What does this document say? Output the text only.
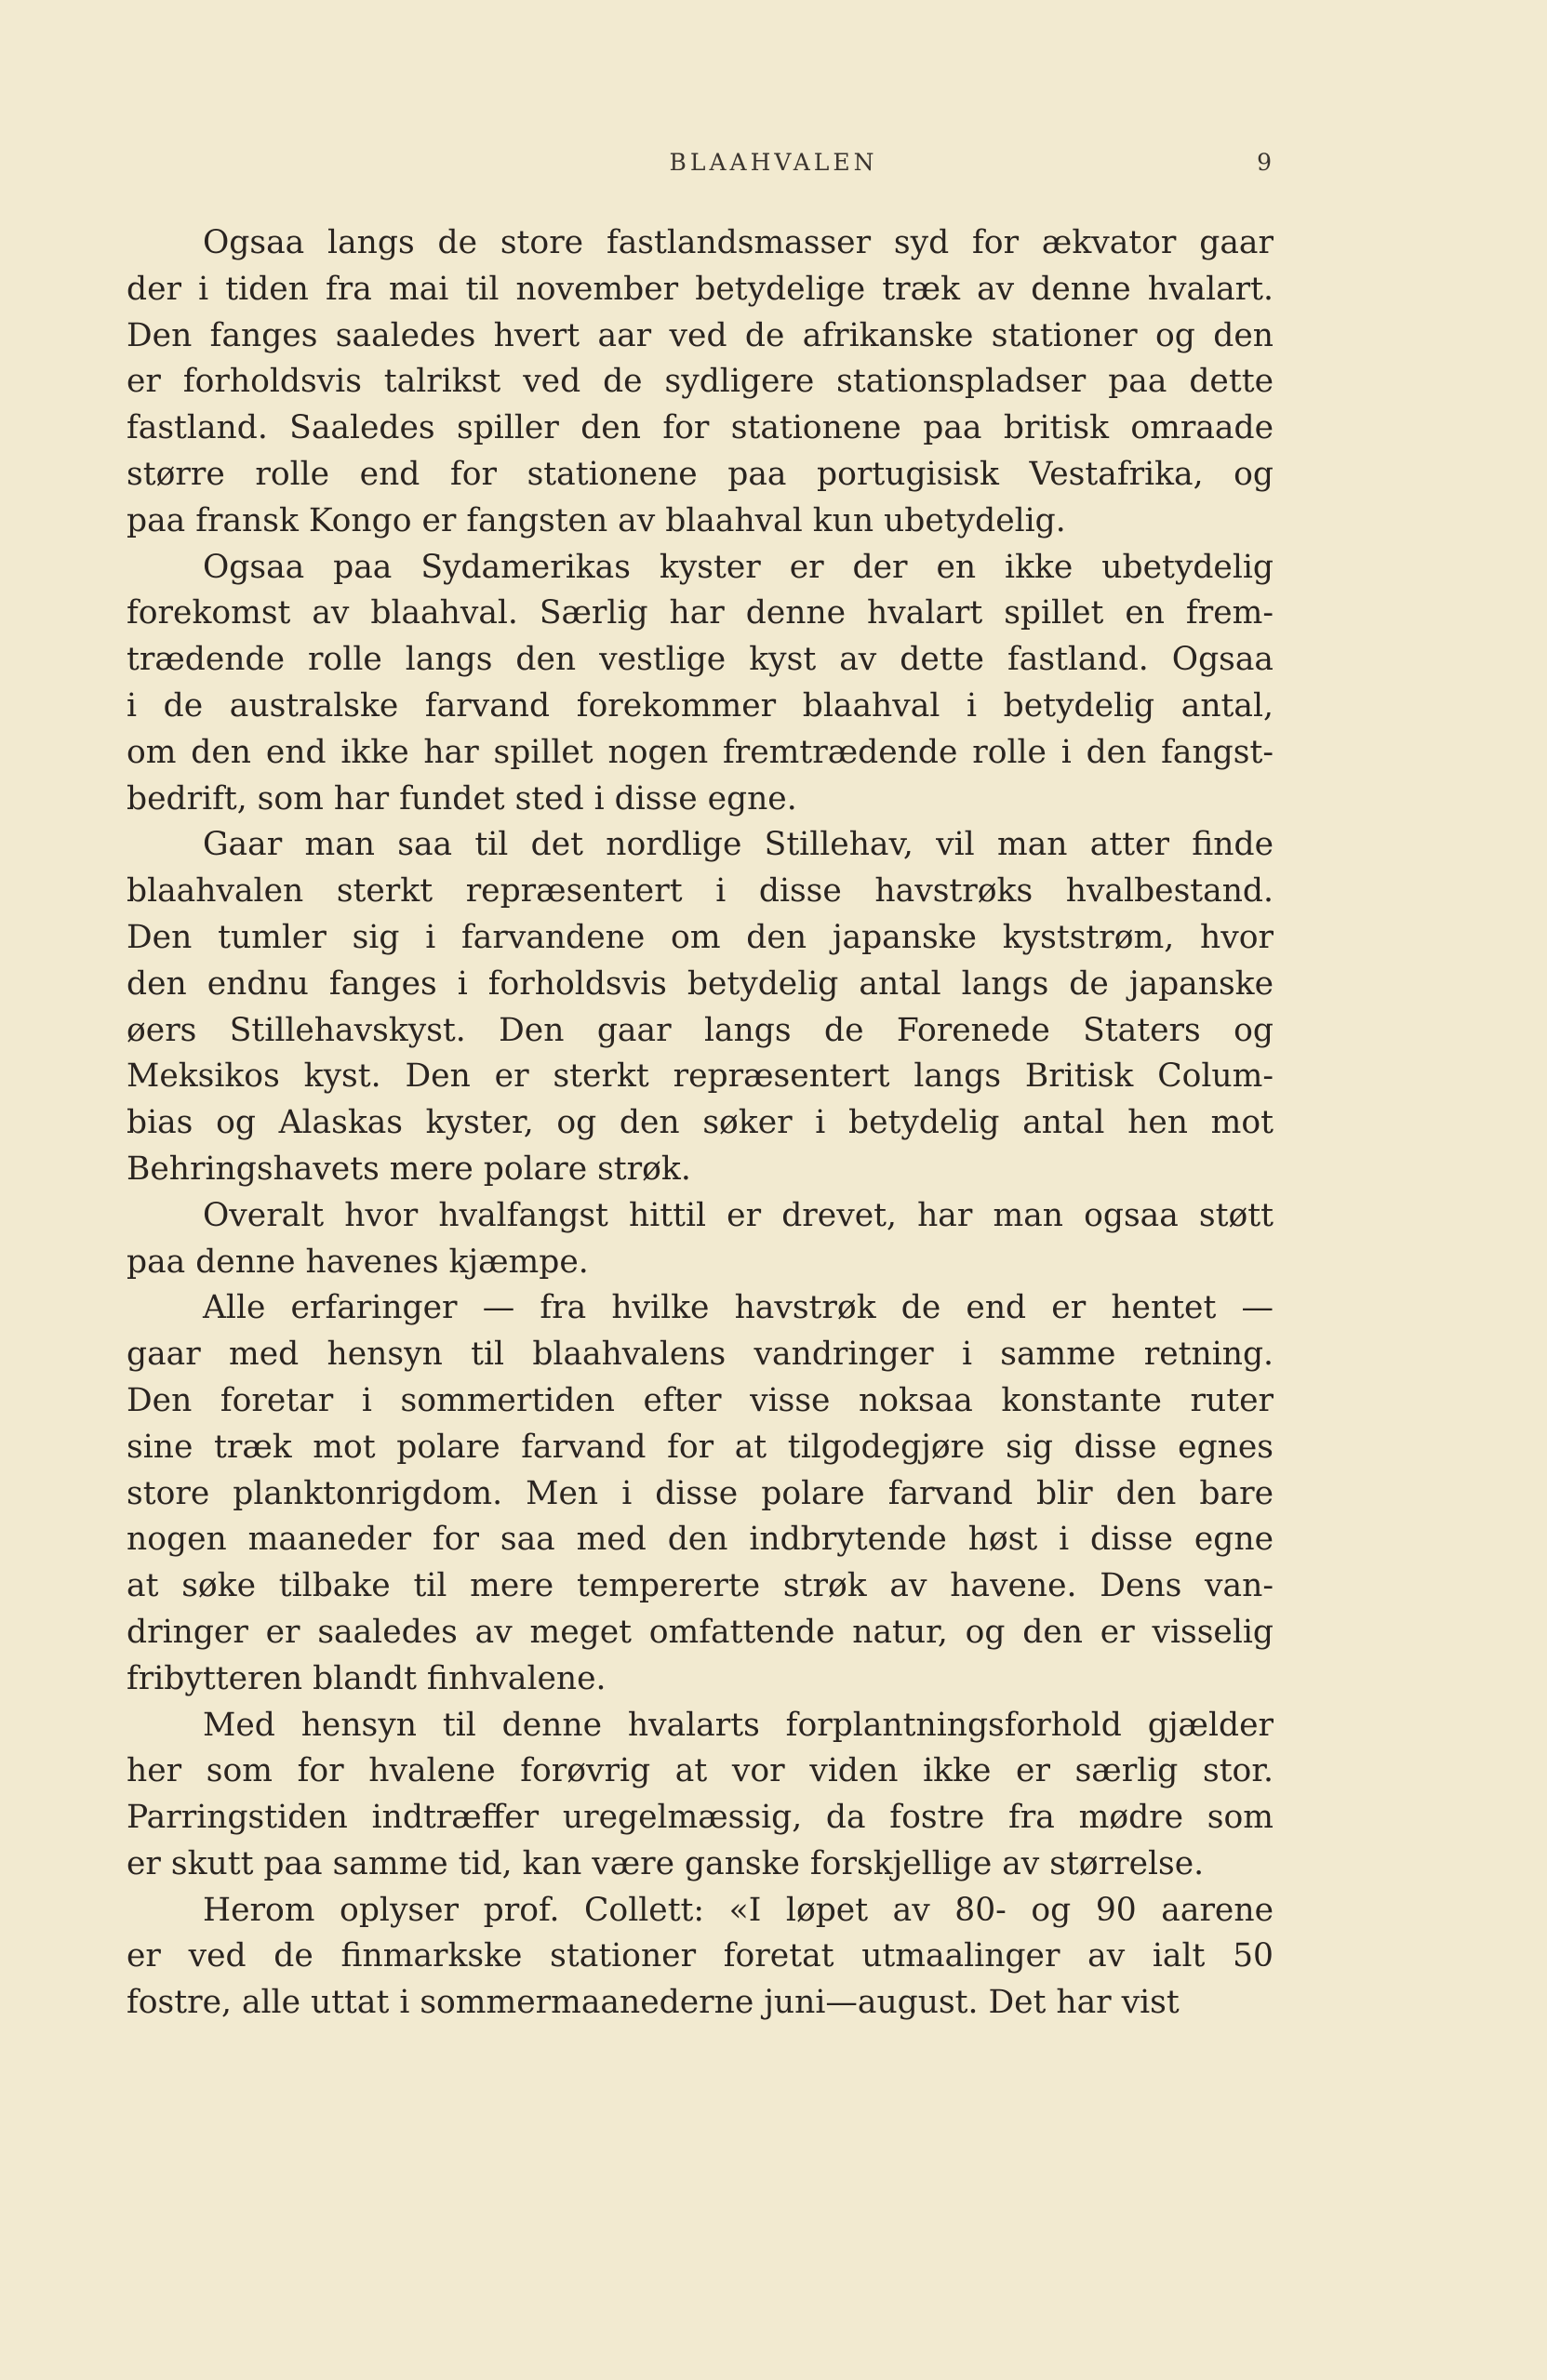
BLAAHVALEN	9
Ogsaa langs de store fastlandsmasser syd for ækvator gaar
der i tiden fra mai til november betydelige træk av denne hvalart.
Den fanges saaledes hvert aar ved de afrikanske stationer og den
er forholdsvis talrikst ved de sydligere stationspladser paa dette
fastland. Saaledes spiller den for stationene paa britisk omraade
større rolle end for stationene paa portugisisk Vestafrika, og
paa fransk Kongo er fangsten av blaahval kun ubetydelig.
Ogsaa paa Sydamerikas kyster er der en ikke ubetydelig
forekomst av blaahval. Særlig har denne hvalart spillet en frem-
trædende rolle langs den vestlige kyst av dette fastland. Ogsaa
i de australske farvand forekommer blaahval i betydelig antal,
om den end ikke har spillet nogen fremtrædende rolle i den fangst-
bedrift, som har fundet sted i disse egne.
Gaar man saa til det nordlige Stillehav, vil man atter finde
blaahvalen sterkt repræsentert i disse havstrøks hvalbestand.
Den tumler sig i farvandene om den japanske kyststrøm, hvor
den endnu fanges i forholdsvis betydelig antal langs de japanske
øers Stillehavskyst. Den gaar langs de Forenede Staters og
Meksikos kyst. Den er sterkt repræsentert langs Britisk Colum-
bias og Alaskas kyster, og den søker i betydelig antal hen mot
Behringshavets mere polare strøk.
Overalt hvor hvalfangst hittil er drevet, har man ogsaa støtt
paa denne havenes kjæmpe.
Alle erfaringer — fra hvilke havstrøk de end er hentet —
gaar med hensyn til blaahvalens vandringer i samme retning.
Den foretar i sommertiden efter visse noksaa konstante ruter
sine træk mot polare farvand for at tilgodegjøre sig disse egnes
store planktonrigdom. Men i disse polare farvand blir den bare
nogen maaneder for saa med den indbrytende høst i disse egne
at søke tilbake til mere tempererte strøk av havene. Dens van-
dringer er saaledes av meget omfattende natur, og den er visselig
fribytteren blandt finhvalene.
Med hensyn til denne hvalarts forplantningsforhold gjælder
her som for hvalene forøvrig at vor viden ikke er særlig stor.
Parringstiden indtræffer uregelmæssig, da fostre fra mødre som
er skutt paa samme tid, kan være ganske forskjellige av størrelse.
Herom oplyser prof. Collett: «I løpet av 80- og 90 aarene
er ved de finmarkske stationer foretat utmaalinger av ialt 50
fostre, alle uttat i sommermaanederne juni—august. Det har vist
